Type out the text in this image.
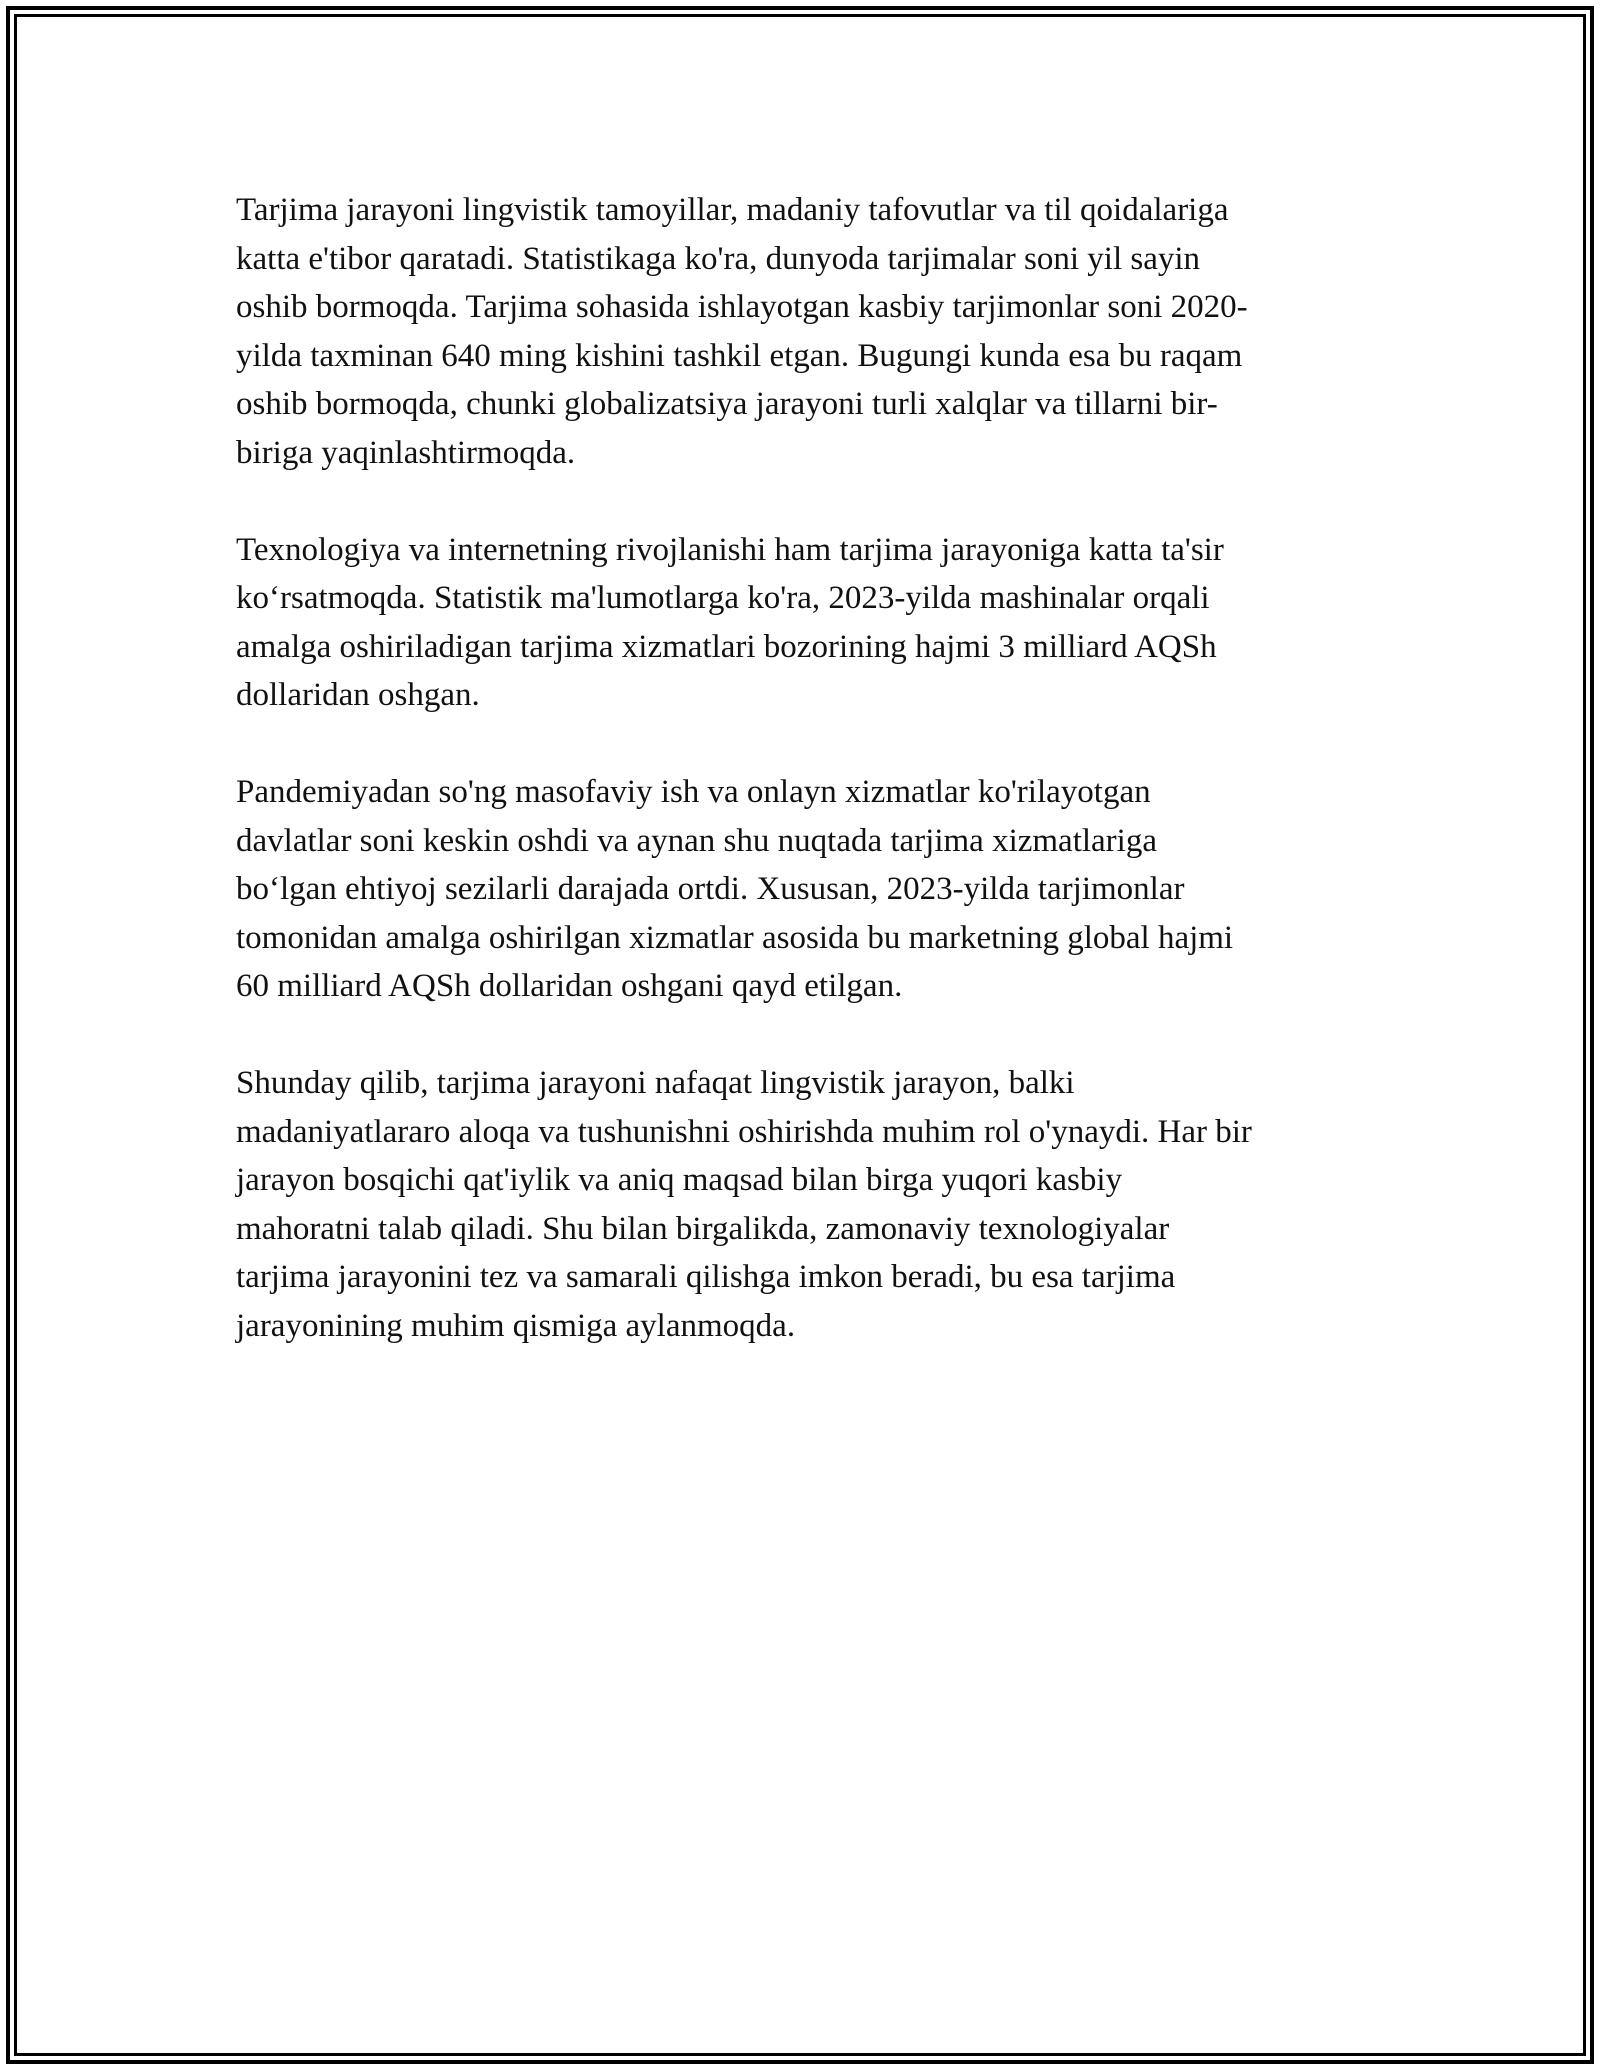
Tarjima jarayoni lingvistik tamoyillar, madaniy tafovutlar va til qoidalariga

katta e'tibor qaratadi. Statistikaga ko'ra, dunyoda tarjimalar soni yil sayin

oshib bormoqda. Tarjima sohasida ishlayotgan kasbiy tarjimonlar soni 2020-

yilda taxminan 640 ming kishini tashkil etgan. Bugungi kunda esa bu raqam

oshib bormoqda, chunki globalizatsiya jarayoni turli xalqlar va tillarni bir-

biriga yaqinlashtirmoqda.

Texnologiya va internetning rivojlanishi ham tarjima jarayoniga katta ta'sir

ko‘rsatmoqda. Statistik ma'lumotlarga ko'ra, 2023-yilda mashinalar orqali

amalga oshiriladigan tarjima xizmatlari bozorining hajmi 3 milliard AQSh

dollaridan oshgan.

Pandemiyadan so'ng masofaviy ish va onlayn xizmatlar ko'rilayotgan

davlatlar soni keskin oshdi va aynan shu nuqtada tarjima xizmatlariga

bo‘lgan ehtiyoj sezilarli darajada ortdi. Xususan, 2023-yilda tarjimonlar

tomonidan amalga oshirilgan xizmatlar asosida bu marketning global hajmi

60 milliard AQSh dollaridan oshgani qayd etilgan.

Shunday qilib, tarjima jarayoni nafaqat lingvistik jarayon, balki

madaniyatlararo aloqa va tushunishni oshirishda muhim rol o'ynaydi. Har bir

jarayon bosqichi qat'iylik va aniq maqsad bilan birga yuqori kasbiy

mahoratni talab qiladi. Shu bilan birgalikda, zamonaviy texnologiyalar

tarjima jarayonini tez va samarali qilishga imkon beradi, bu esa tarjima

jarayonining muhim qismiga aylanmoqda.
